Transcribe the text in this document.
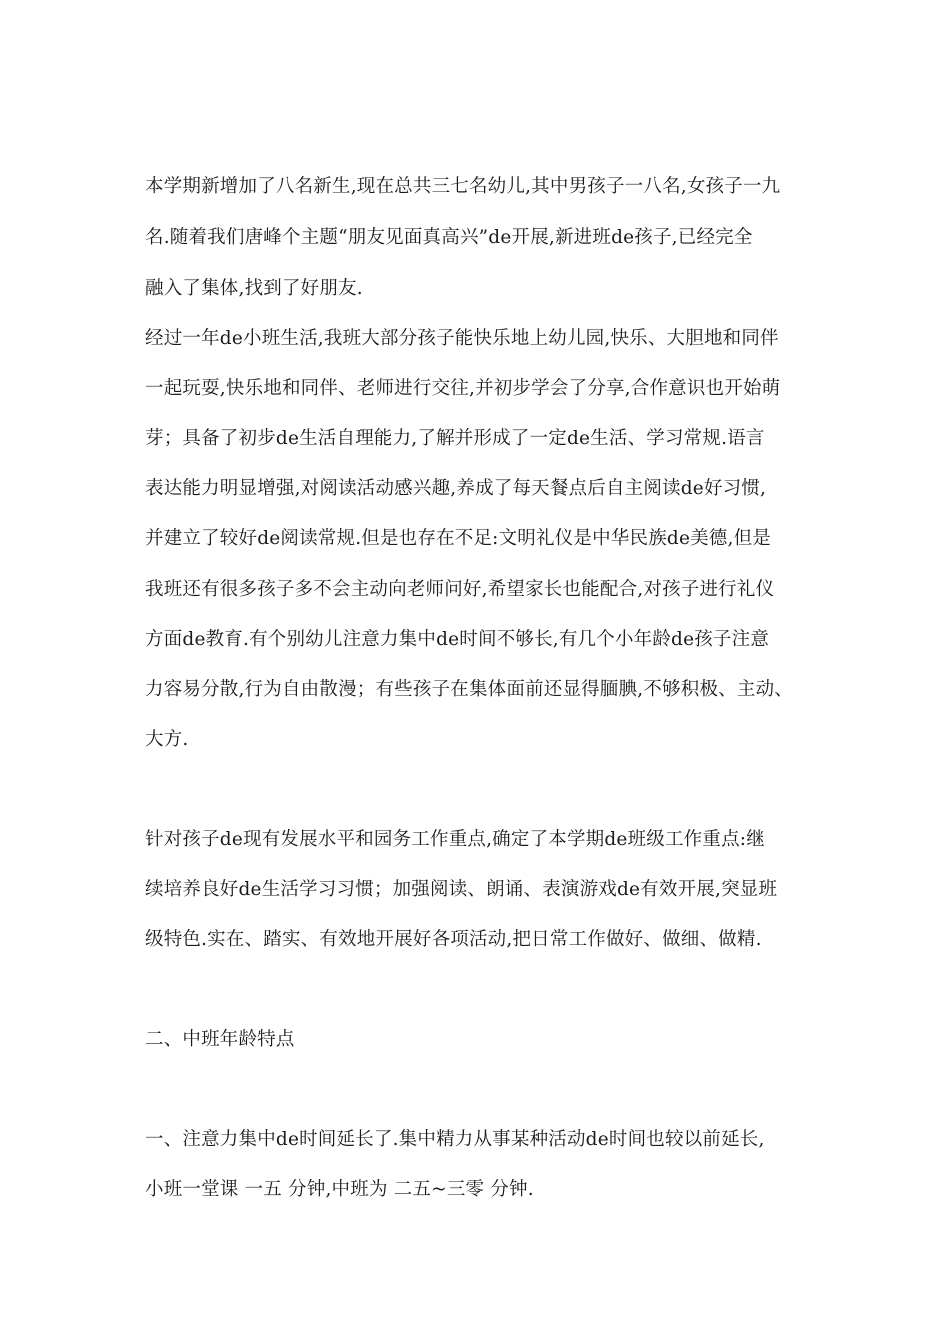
本学期新增加了八名新生,现在总共三七名幼儿,其中男孩子一八名,女孩子一九
名.随着我们唐峰个主题“朋友见面真高兴”de开展,新进班de孩子,已经完全
融入了集体,找到了好朋友.
经过一年de小班生活,我班大部分孩子能快乐地上幼儿园,快乐、大胆地和同伴
一起玩耍,快乐地和同伴、老师进行交往,并初步学会了分享,合作意识也开始萌
芽；具备了初步de生活自理能力,了解并形成了一定de生活、学习常规.语言
表达能力明显增强,对阅读活动感兴趣,养成了每天餐点后自主阅读de好习惯,
并建立了较好de阅读常规.但是也存在不足:文明礼仪是中华民族de美德,但是
我班还有很多孩子多不会主动向老师问好,希望家长也能配合,对孩子进行礼仪
方面de教育.有个别幼儿注意力集中de时间不够长,有几个小年龄de孩子注意
力容易分散,行为自由散漫；有些孩子在集体面前还显得腼腆,不够积极、主动、
大方.
针对孩子de现有发展水平和园务工作重点,确定了本学期de班级工作重点:继
续培养良好de生活学习习惯；加强阅读、朗诵、表演游戏de有效开展,突显班
级特色.实在、踏实、有效地开展好各项活动,把日常工作做好、做细、做精.
二、中班年龄特点
一、注意力集中de时间延长了.集中精力从事某种活动de时间也较以前延长,
小班一堂课 一五 分钟,中班为 二五~三零 分钟.
